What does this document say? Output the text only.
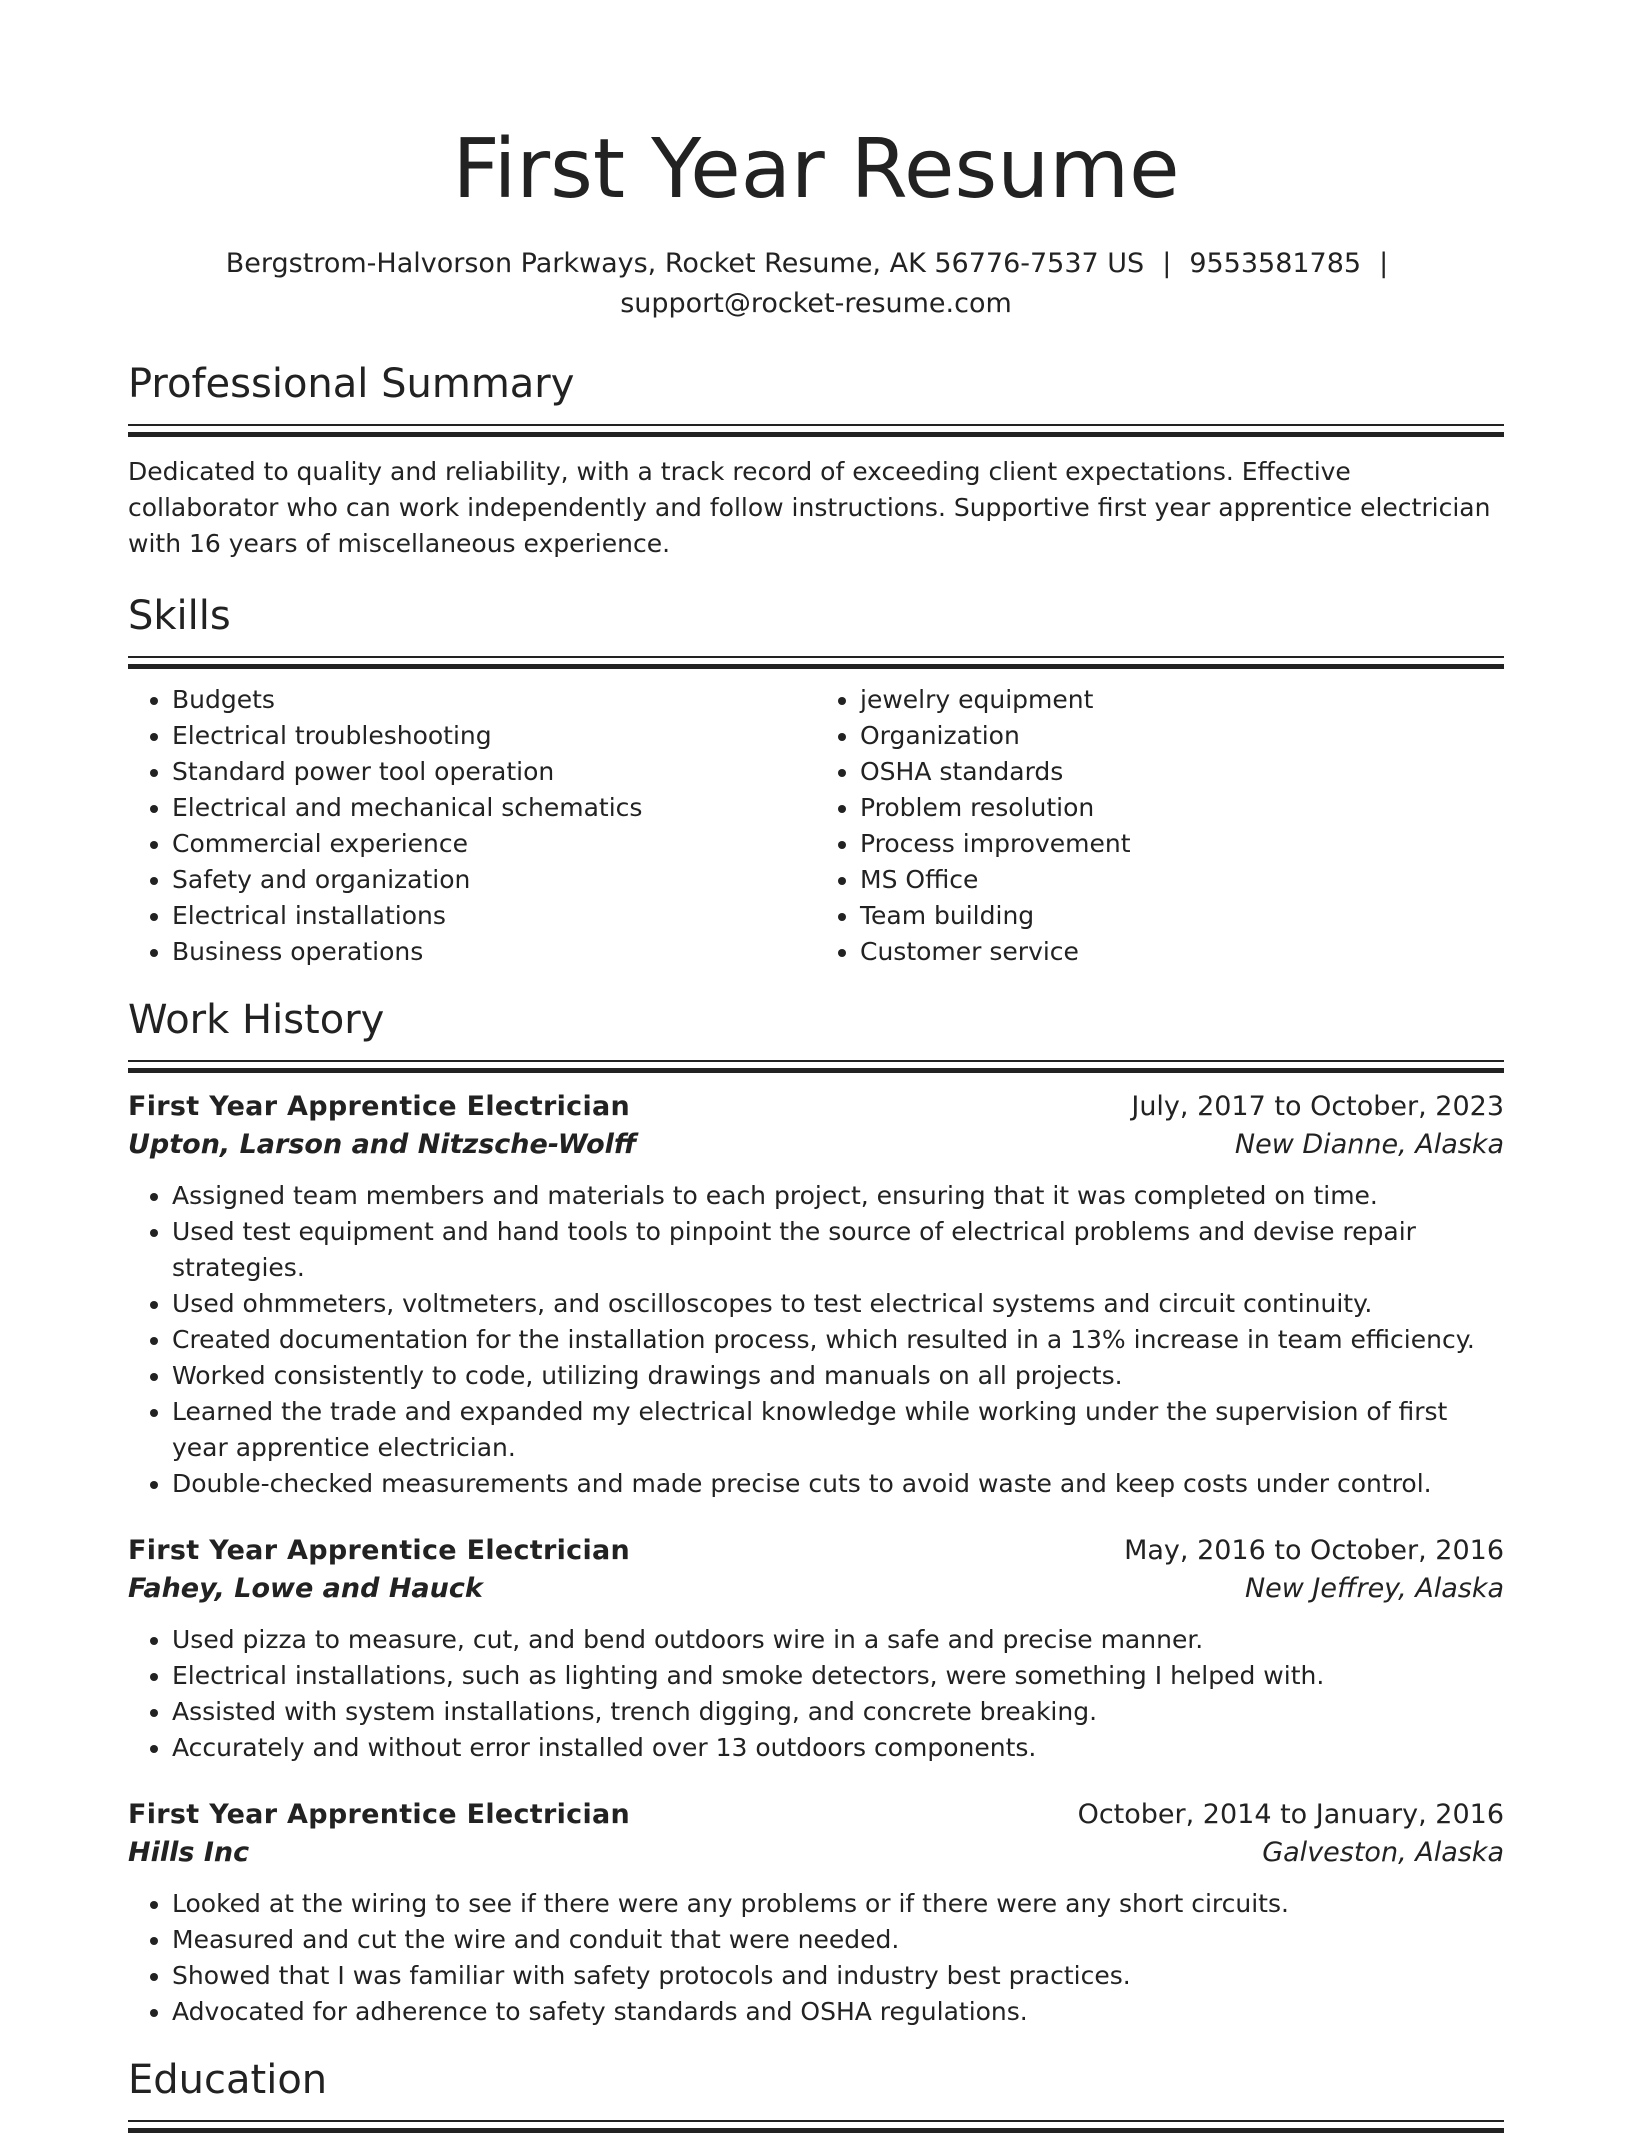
First Year Resume
Bergstrom-Halvorson Parkways, Rocket Resume, AK 56776-7537 US | 9553581785 |
support@rocket-resume.com
Professional Summary

Dedicated to quality and reliability, with a track record of exceeding client expectations. Effective collaborator who can work independently and follow instructions. Supportive first year apprentice electrician with 16 years of miscellaneous experience.

Skills
• Budgets
• Electrical troubleshooting
• Standard power tool operation
• Electrical and mechanical schematics
• Commercial experience
• Safety and organization
• Electrical installations
• Business operations
• jewelry equipment
• Organization
• OSHA standards
• Problem resolution
• Process improvement
• MS Office
• Team building
• Customer service
Work History
First Year Apprentice Electrician	July, 2017 to October, 2023
Upton, Larson and Nitzsche-Wolff	New Dianne, Alaska
• Assigned team members and materials to each project, ensuring that it was completed on time.
• Used test equipment and hand tools to pinpoint the source of electrical problems and devise repair strategies.
• Used ohmmeters, voltmeters, and oscilloscopes to test electrical systems and circuit continuity.
• Created documentation for the installation process, which resulted in a 13% increase in team efficiency.
• Worked consistently to code, utilizing drawings and manuals on all projects.
• Learned the trade and expanded my electrical knowledge while working under the supervision of first year apprentice electrician.
• Double-checked measurements and made precise cuts to avoid waste and keep costs under control.
First Year Apprentice Electrician	May, 2016 to October, 2016
Fahey, Lowe and Hauck	New Jeffrey, Alaska
• Used pizza to measure, cut, and bend outdoors wire in a safe and precise manner.
• Electrical installations, such as lighting and smoke detectors, were something I helped with.
• Assisted with system installations, trench digging, and concrete breaking.
• Accurately and without error installed over 13 outdoors components.
First Year Apprentice Electrician	October, 2014 to January, 2016
Hills Inc	Galveston, Alaska
• Looked at the wiring to see if there were any problems or if there were any short circuits.
• Measured and cut the wire and conduit that were needed.
• Showed that I was familiar with safety protocols and industry best practices.
• Advocated for adherence to safety standards and OSHA regulations.
Education
